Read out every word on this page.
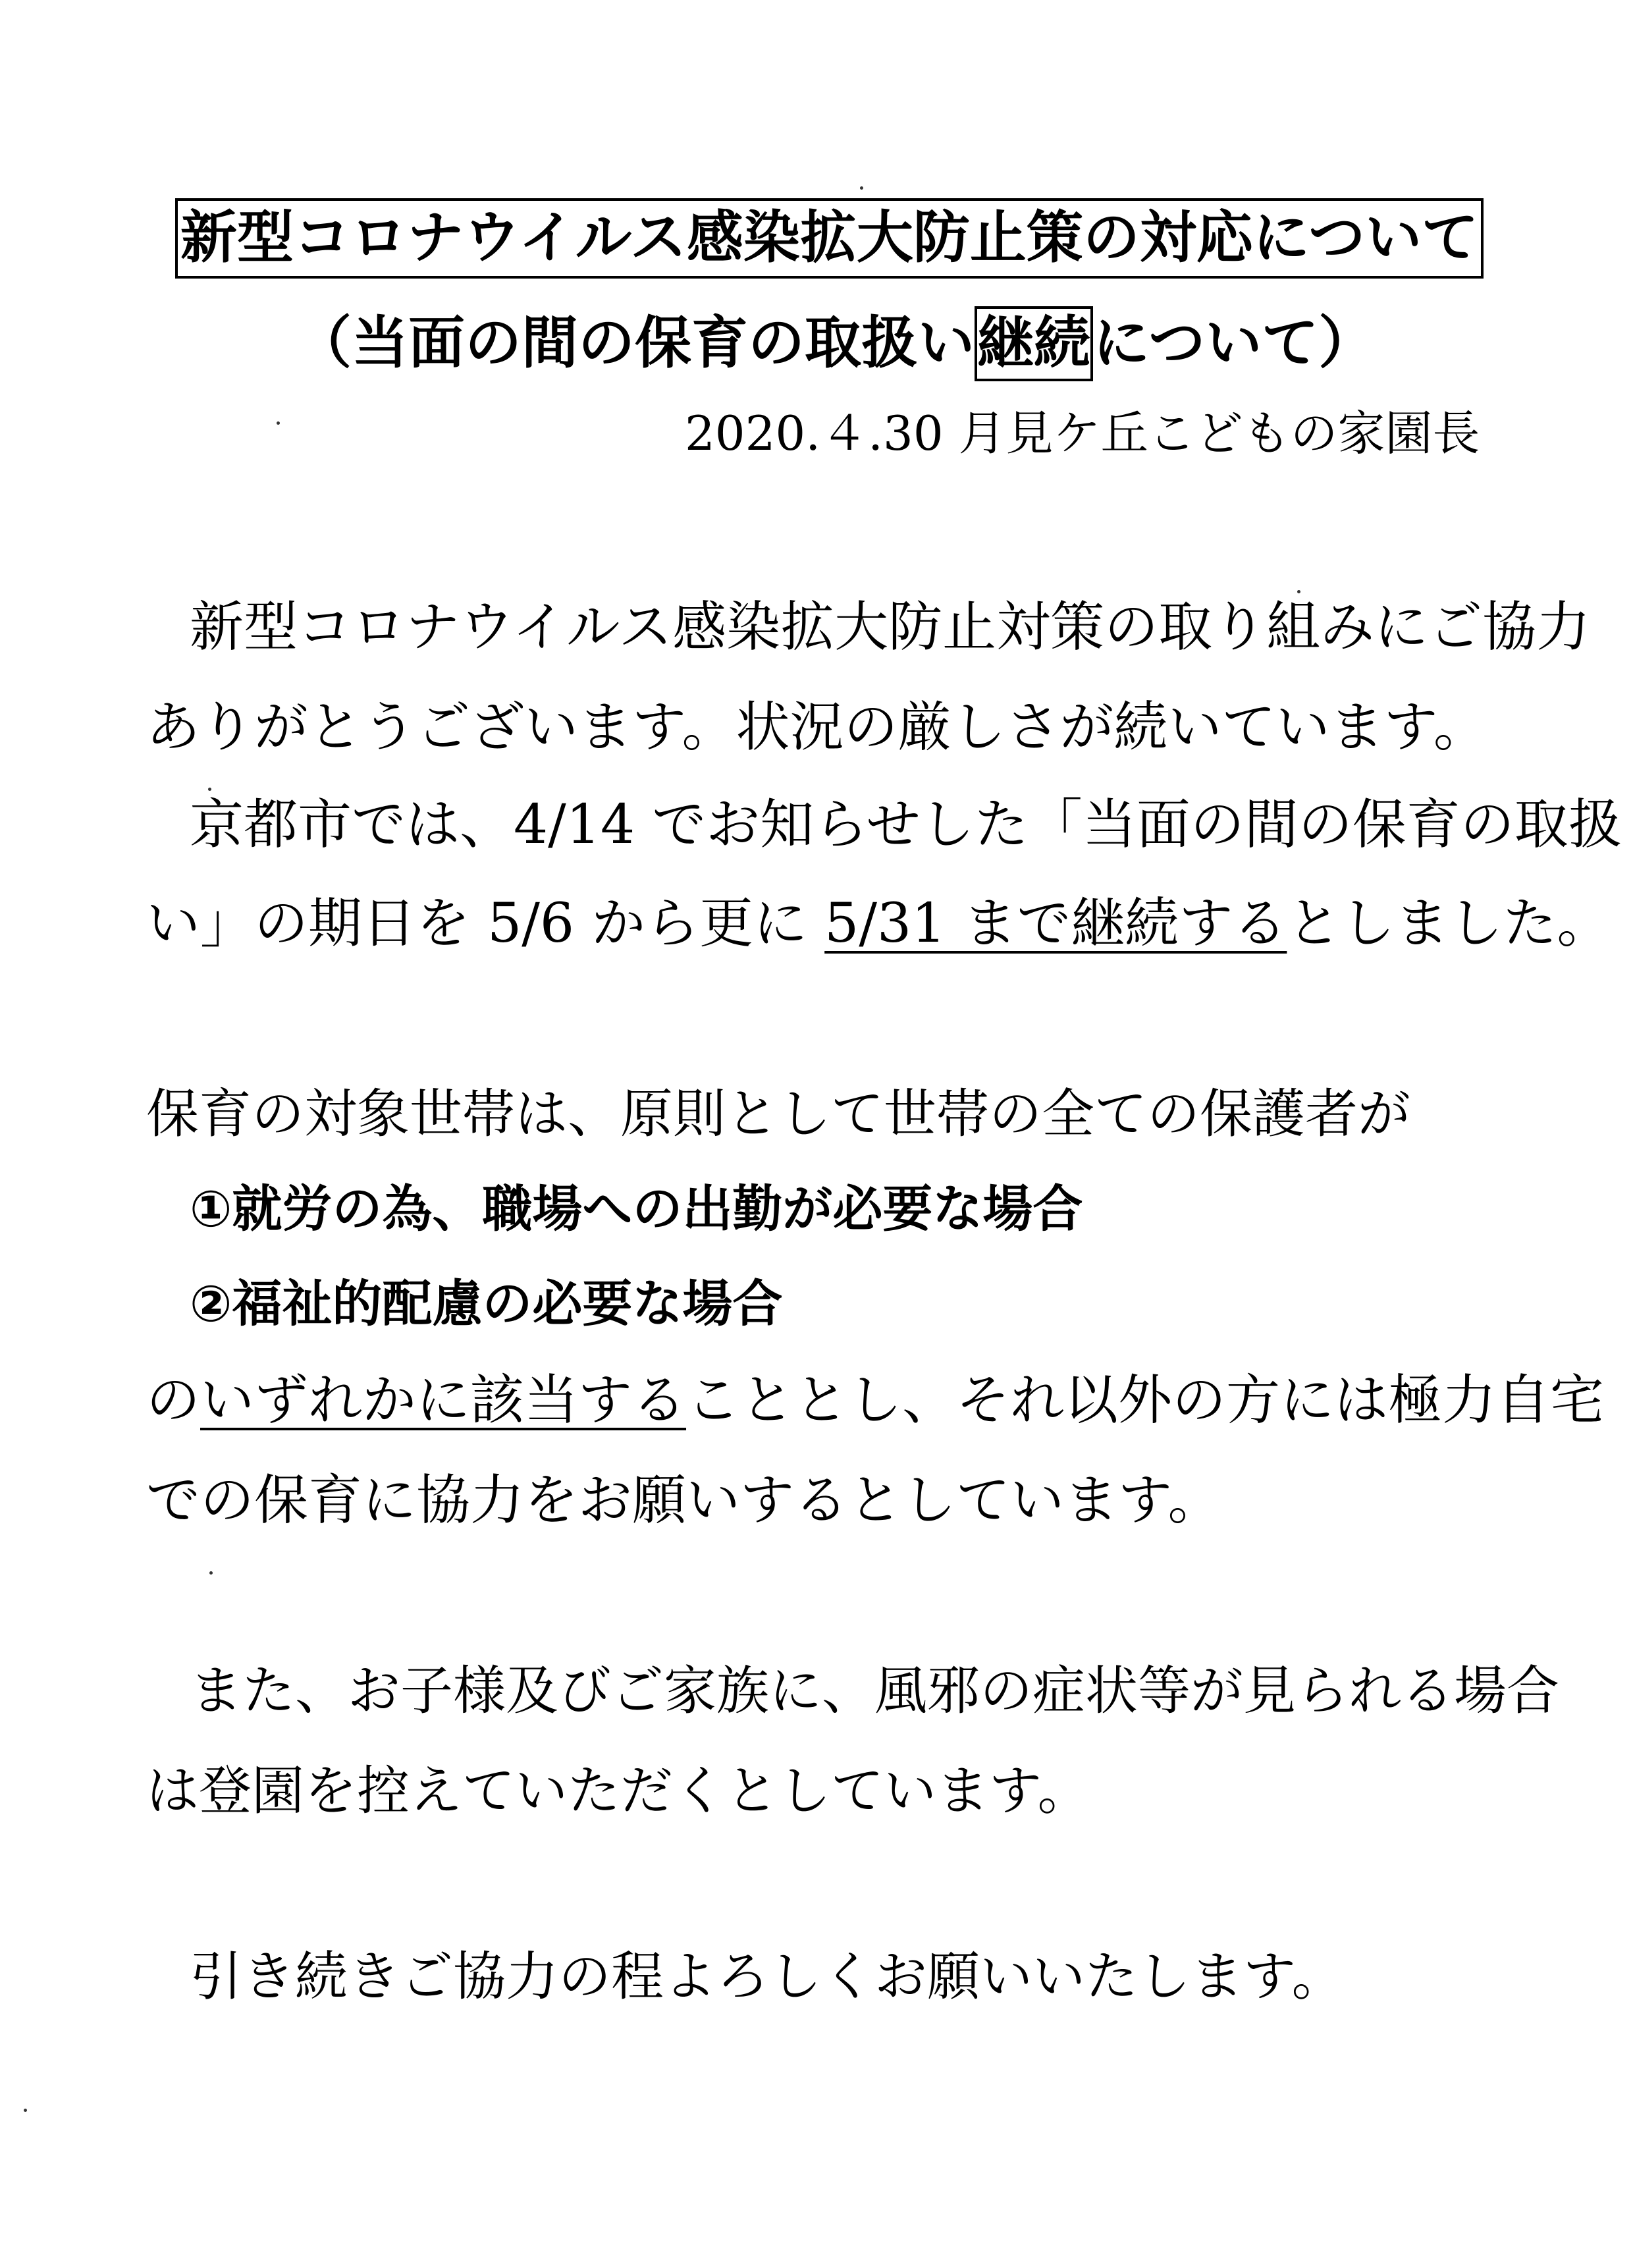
新型コロナウイルス感染拡大防止策の対応について
（当面の間の保育の取扱い継続について）
2020.４.30 月見ケ丘こどもの家園長
新型コロナウイルス感染拡大防止対策の取り組みにご協力
ありがとうございます。状況の厳しさが続いています。
京都市では、4/14 でお知らせした「当面の間の保育の取扱
い」の期日を 5/6 から更に 5/31 まで継続するとしました。
保育の対象世帯は、原則として世帯の全ての保護者が
①就労の為、職場への出勤が必要な場合
②福祉的配慮の必要な場合
のいずれかに該当することとし、それ以外の方には極力自宅
での保育に協力をお願いするとしています。
また、お子様及びご家族に、風邪の症状等が見られる場合
は登園を控えていただくとしています。
引き続きご協力の程よろしくお願いいたします。
